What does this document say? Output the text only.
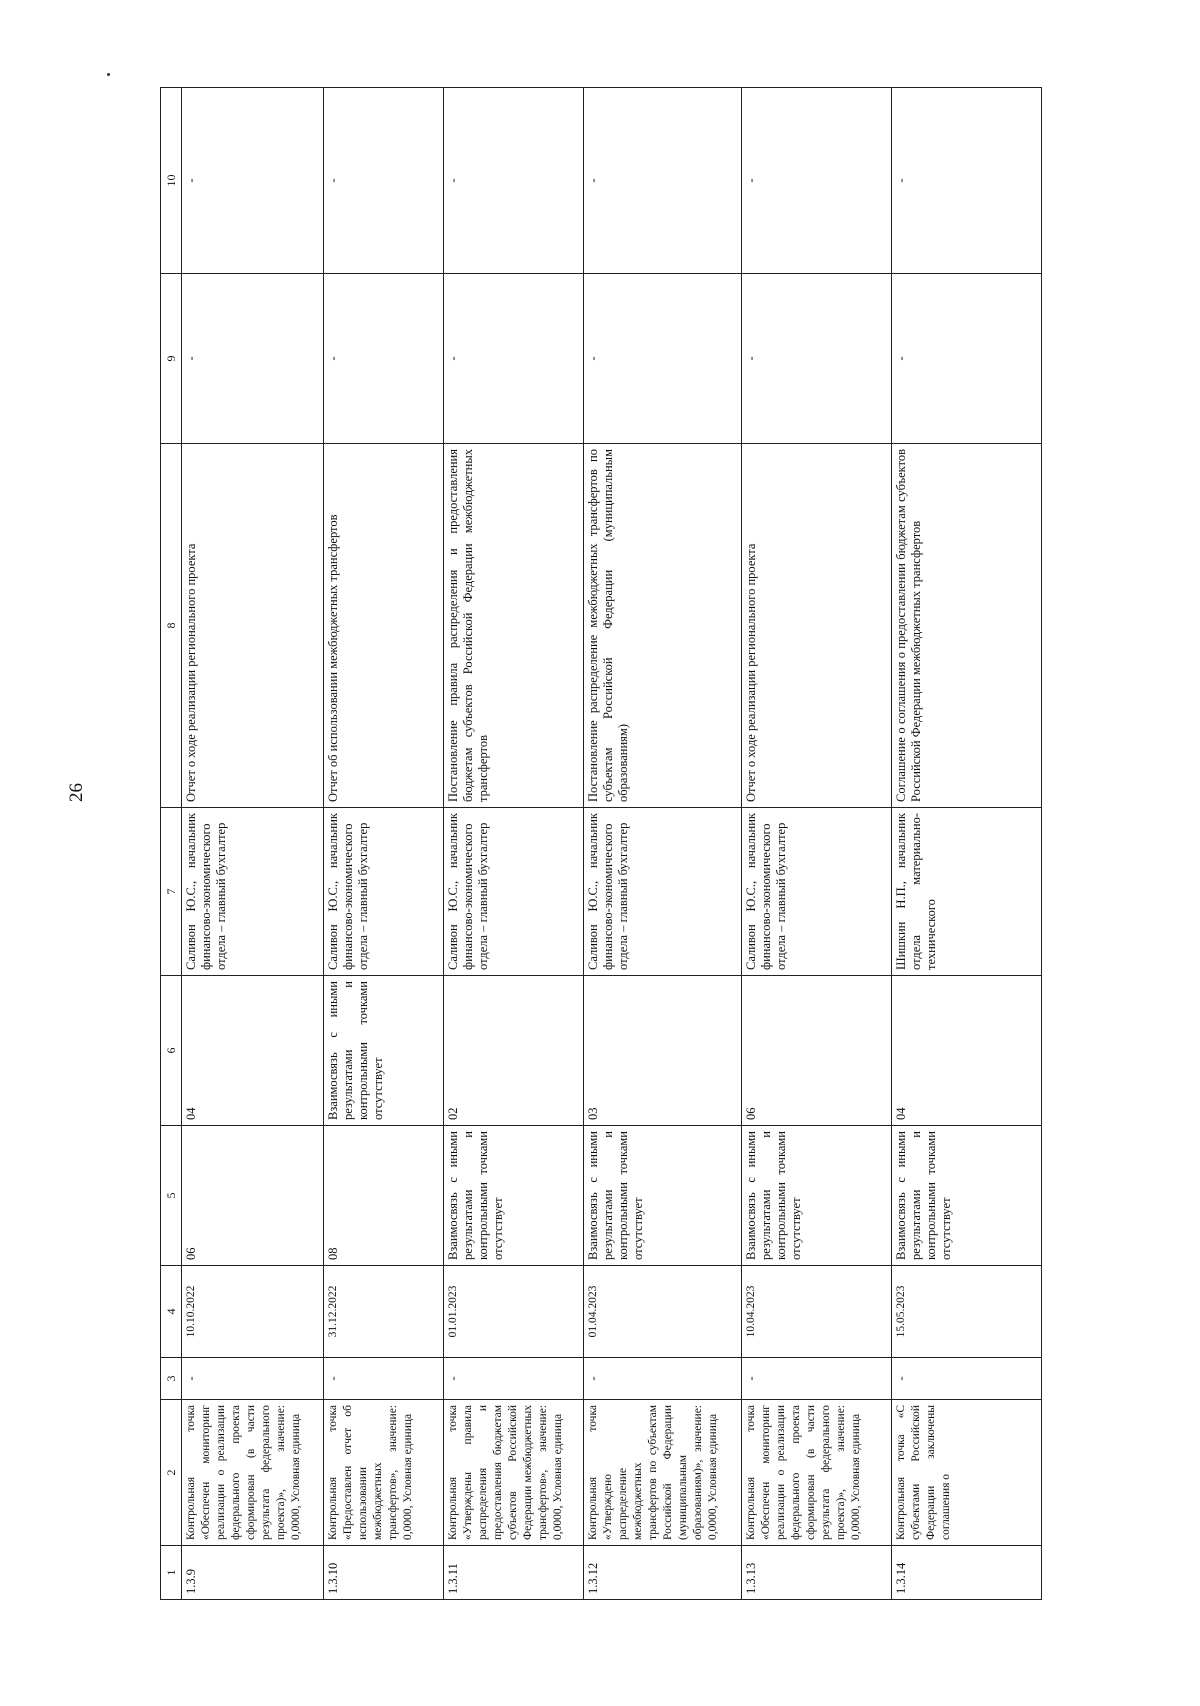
26
1	2	3	4	5	6	7	8	9	10
1.3.9	Контрольная точка «Обеспечен мониторинг реализации о реализации федерального проекта сформирован (в части результата федерального проекта)», значение: 0,0000, Условная единица	-	10.10.2022	06	04	Саливон Ю.С., начальник финансово-экономического отдела – главный бухгалтер	Отчет о ходе реализации регионального проекта	-	-
1.3.10	Контрольная точка «Предоставлен отчет об использовании межбюджетных трансфертов», значение: 0,0000, Условная единица	-	31.12.2022	08	Взаимосвязь с иными результатами и контрольными точками отсутствует	Саливон Ю.С., начальник финансово-экономического отдела – главный бухгалтер	Отчет об использовании межбюджетных трансфертов	-	-
1.3.11	Контрольная точка «Утверждены правила распределения и предоставления бюджетам субъектов Российской Федерации межбюджетных трансфертов», значение: 0,0000, Условная единица	-	01.01.2023	Взаимосвязь с иными результатами и контрольными точками отсутствует	02	Саливон Ю.С., начальник финансово-экономического отдела – главный бухгалтер	Постановление правила распределения и предоставления бюджетам субъектов Российской Федерации межбюджетных трансфертов	-	-
1.3.12	Контрольная точка «Утверждено распределение межбюджетных трансфертов по субъектам Российской Федерации (муниципальным образованиям)», значение: 0,0000, Условная единица	-	01.04.2023	Взаимосвязь с иными результатами и контрольными точками отсутствует	03	Саливон Ю.С., начальник финансово-экономического отдела – главный бухгалтер	Постановление распределение межбюджетных трансфертов по субъектам Российской Федерации (муниципальным образованиям)	-	-
1.3.13	Контрольная точка «Обеспечен мониторинг реализации о реализации федерального проекта сформирован (в части результата федерального проекта)», значение: 0,0000, Условная единица	-	10.04.2023	Взаимосвязь с иными результатами и контрольными точками отсутствует	06	Саливон Ю.С., начальник финансово-экономического отдела – главный бухгалтер	Отчет о ходе реализации регионального проекта	-	-
1.3.14	Контрольная точка «С субъектами Российской Федерации заключены соглашения о	-	15.05.2023	Взаимосвязь с иными результатами и контрольными точками отсутствует	04	Шишкин Н.П., начальник отдела материально-технического	Соглашение о соглашения о предоставлении бюджетам субъектов Российской Федерации межбюджетных трансфертов	-	-
